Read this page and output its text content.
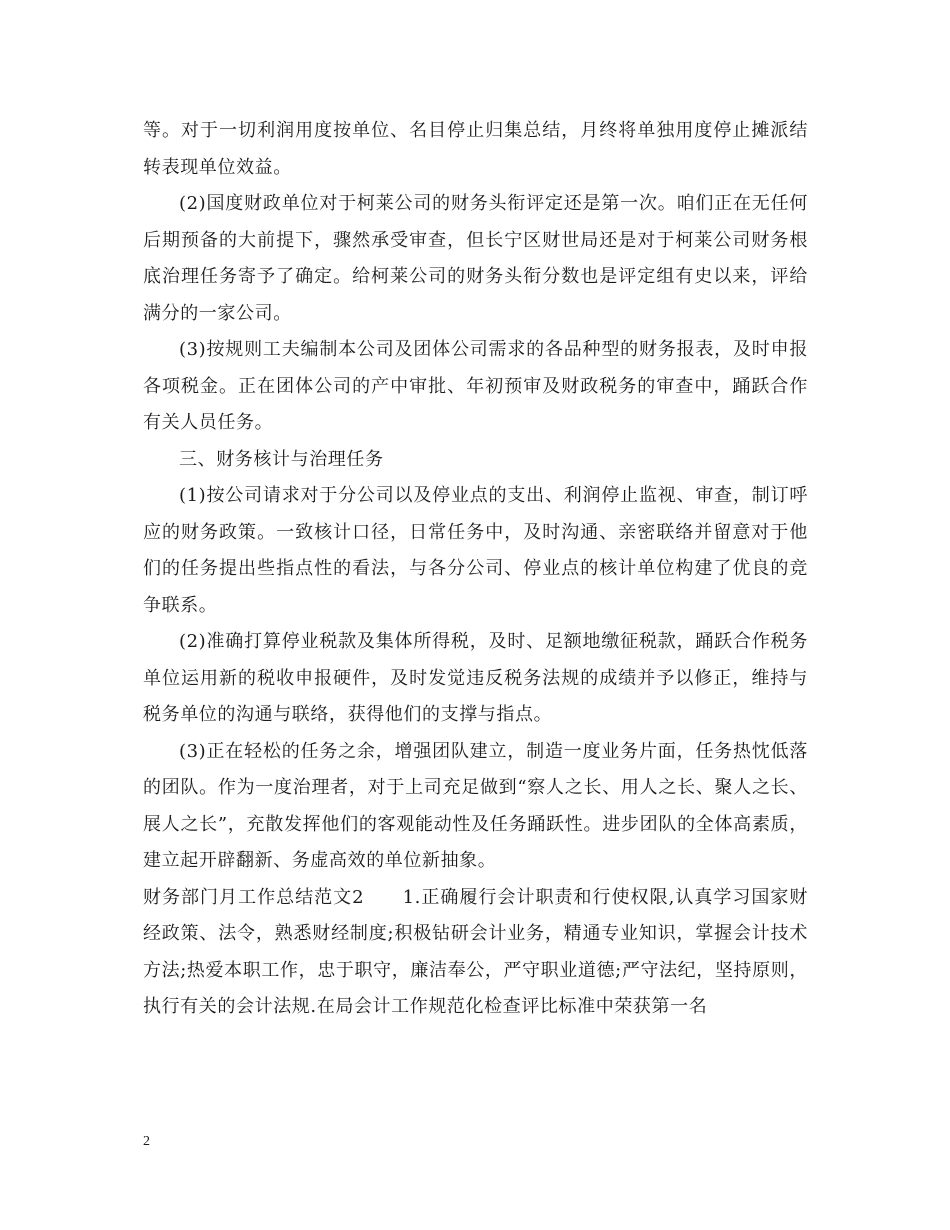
等。对于一切利润用度按单位、名目停止归集总结，月终将单独用度停止摊派结转表现单位效益。

(2)国度财政单位对于柯莱公司的财务头衔评定还是第一次。咱们正在无任何后期预备的大前提下，骤然承受审查，但长宁区财世局还是对于柯莱公司财务根底治理任务寄予了确定。给柯莱公司的财务头衔分数也是评定组有史以来，评给满分的一家公司。

(3)按规则工夫编制本公司及团体公司需求的各品种型的财务报表，及时申报各项税金。正在团体公司的产中审批、年初预审及财政税务的审查中，踊跃合作有关人员任务。

三、财务核计与治理任务

(1)按公司请求对于分公司以及停业点的支出、利润停止监视、审查，制订呼应的财务政策。一致核计口径，日常任务中，及时沟通、亲密联络并留意对于他们的任务提出些指点性的看法，与各分公司、停业点的核计单位构建了优良的竞争联系。

(2)准确打算停业税款及集体所得税，及时、足额地缴征税款，踊跃合作税务单位运用新的税收申报硬件，及时发觉违反税务法规的成绩并予以修正，维持与税务单位的沟通与联络，获得他们的支撑与指点。

(3)正在轻松的任务之余，增强团队建立，制造一度业务片面，任务热忱低落的团队。作为一度治理者，对于上司充足做到“察人之长、用人之长、聚人之长、展人之长”，充散发挥他们的客观能动性及任务踊跃性。进步团队的全体高素质，建立起开辟翻新、务虚高效的单位新抽象。

财务部门月工作总结范文2　　1.正确履行会计职责和行使权限,认真学习国家财经政策、法令，熟悉财经制度;积极钻研会计业务，精通专业知识，掌握会计技术方法;热爱本职工作，忠于职守，廉洁奉公，严守职业道德;严守法纪，坚持原则，执行有关的会计法规.在局会计工作规范化检查评比标准中荣获第一名

2
